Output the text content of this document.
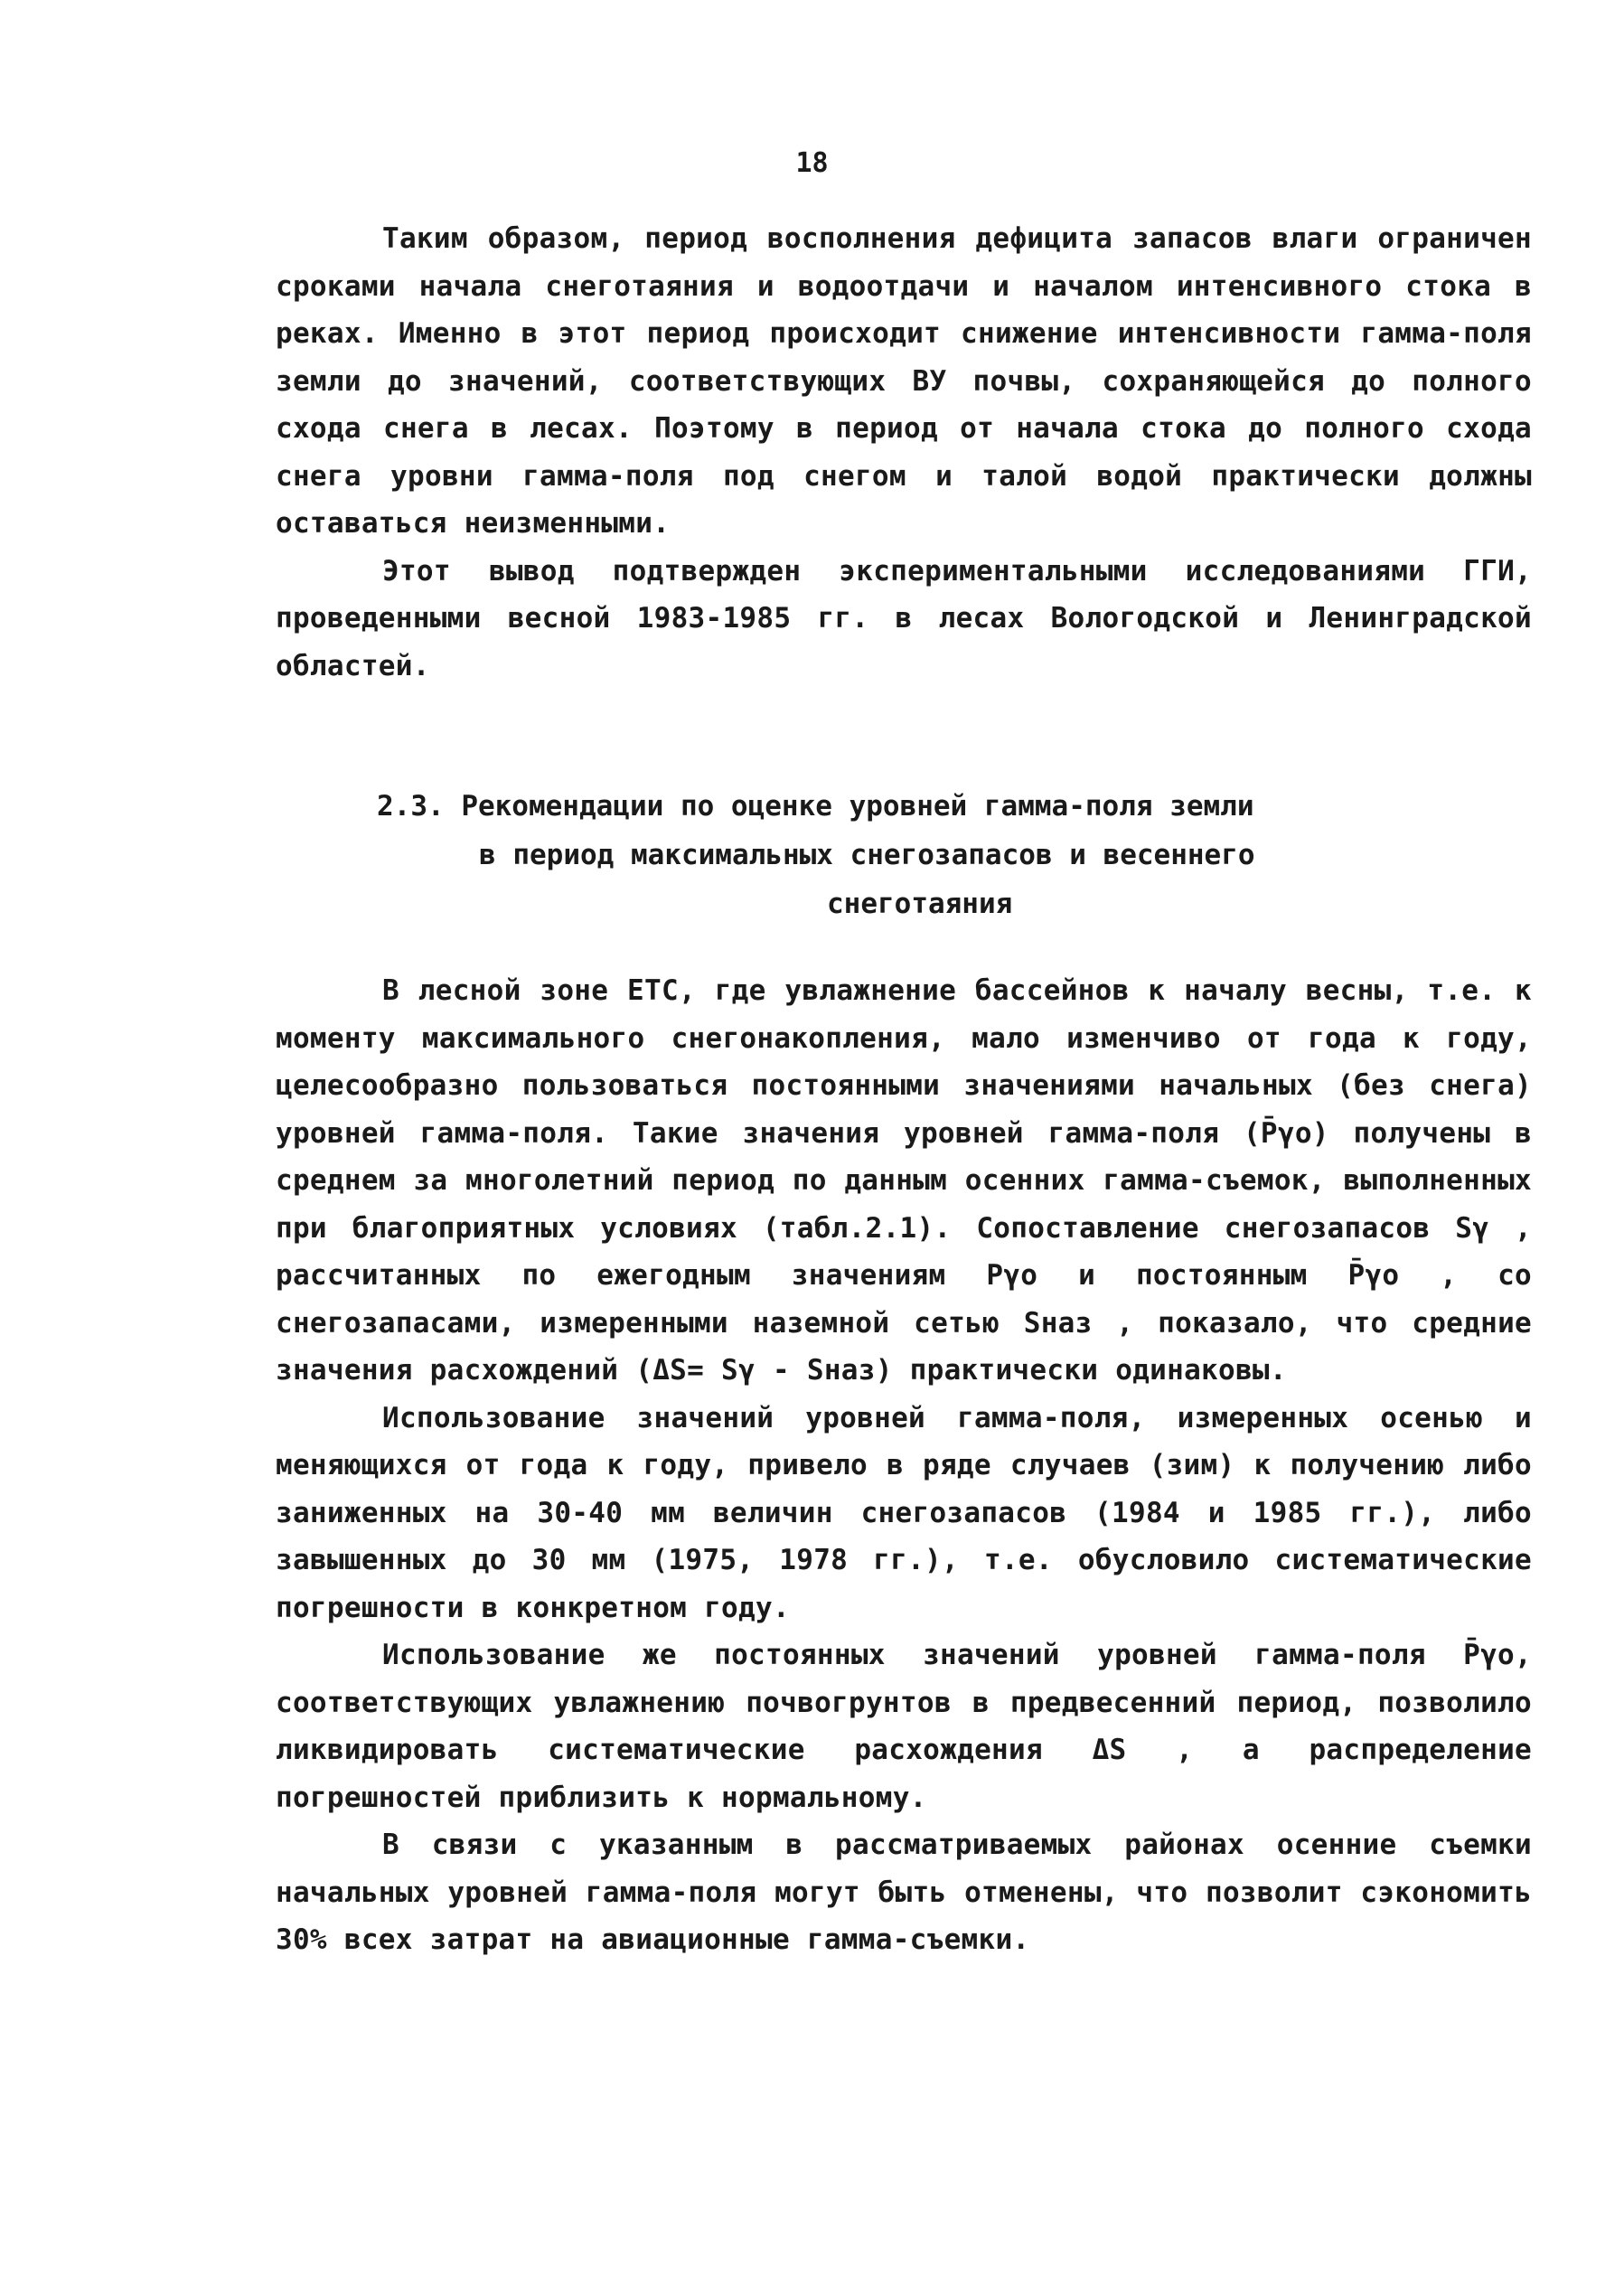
18

Таким образом, период восполнения дефицита запасов влаги ограничен сроками начала снеготаяния и водоотдачи и началом интенсивного стока в реках. Именно в этот период происходит снижение интенсивности гамма-поля земли до значений, соответствующих ВУ почвы, сохраняющейся до полного схода снега в лесах. Поэтому в период от начала стока до полного схода снега уровни гамма-поля под снегом и талой водой практически должны оставаться неизменными.

Этот вывод подтвержден экспериментальными исследованиями ГГИ, проведенными весной 1983-1985 гг. в лесах Вологодской и Ленинградской областей.

2.3. Рекомендации по оценке уровней гамма-поля земли
в период максимальных снегозапасов и весеннего
снеготаяния

В лесной зоне ЕТС, где увлажнение бассейнов к началу весны, т.е. к моменту максимального снегонакопления, мало изменчиво от года к году, целесообразно пользоваться постоянными значениями начальных (без снега) уровней гамма-поля. Такие значения уровней гамма-поля (P̄γо) получены в среднем за многолетний период по данным осенних гамма-съемок, выполненных при благоприятных условиях (табл.2.1). Сопоставление снегозапасов Sγ , рассчитанных по ежегодным значениям Pγо и постоянным P̄γо , со снегозапасами, измеренными наземной сетью Sназ , показало, что средние значения расхождений (ΔS= Sγ - Sназ) практически одинаковы.

Использование значений уровней гамма-поля, измеренных осенью и меняющихся от года к году, привело в ряде случаев (зим) к получению либо заниженных на 30-40 мм величин снегозапасов (1984 и 1985 гг.), либо завышенных до 30 мм (1975, 1978 гг.), т.е. обусловило систематические погрешности в конкретном году.

Использование же постоянных значений уровней гамма-поля P̄γо, соответствующих увлажнению почвогрунтов в предвесенний период, позволило ликвидировать систематические расхождения ΔS , а распределение погрешностей приблизить к нормальному.

В связи с указанным в рассматриваемых районах осенние съемки начальных уровней гамма-поля могут быть отменены, что позволит сэкономить 30% всех затрат на авиационные гамма-съемки.
